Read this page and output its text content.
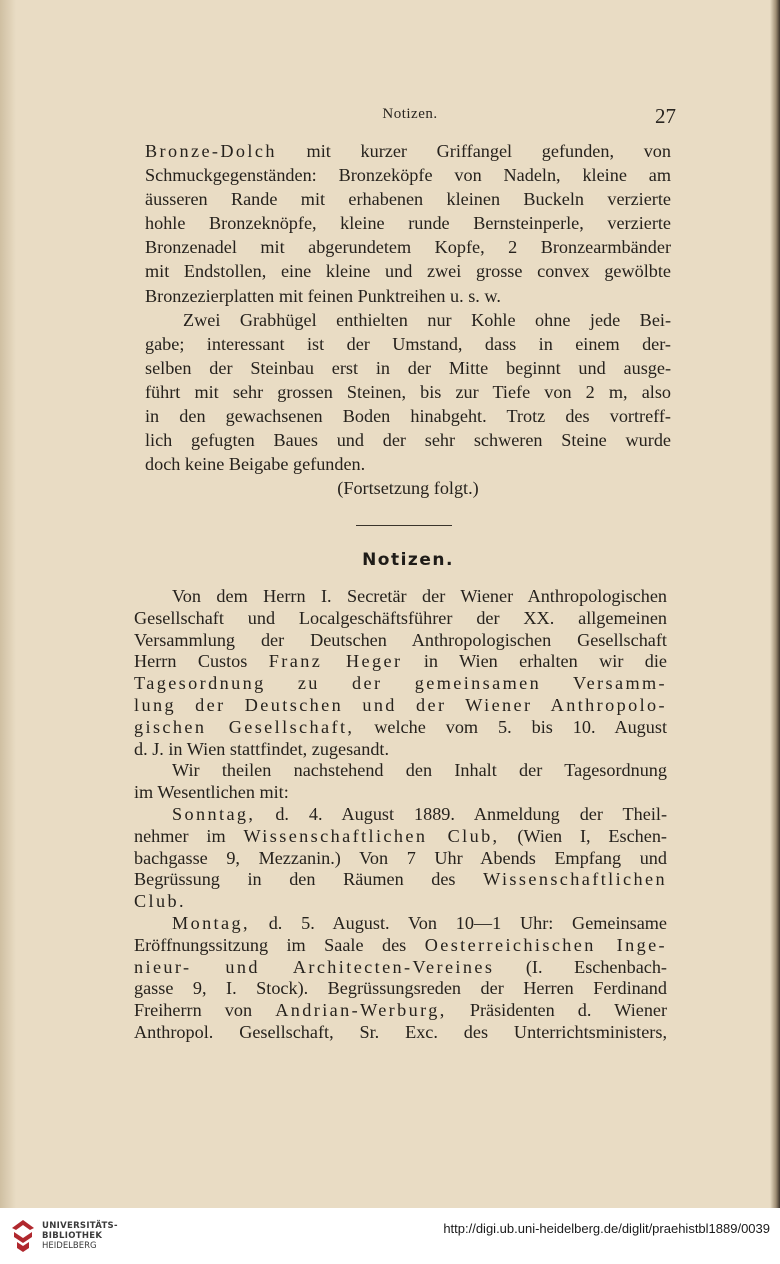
Notizen.	27
Bronze-Dolch mit kurzer Griffangel gefunden, von
Schmuckgegenständen: Bronzeköpfe von Nadeln, kleine am
äusseren Rande mit erhabenen kleinen Buckeln verzierte
hohle Bronzeknöpfe, kleine runde Bernsteinperle, verzierte
Bronzenadel mit abgerundetem Kopfe, 2 Bronzearmbänder
mit Endstollen, eine kleine und zwei grosse convex gewölbte
Bronzezierplatten mit feinen Punktreihen u. s. w.
Zwei Grabhügel enthielten nur Kohle ohne jede Bei-
gabe; interessant ist der Umstand, dass in einem der-
selben der Steinbau erst in der Mitte beginnt und ausge-
führt mit sehr grossen Steinen, bis zur Tiefe von 2 m, also
in den gewachsenen Boden hinabgeht. Trotz des vortreff-
lich gefugten Baues und der sehr schweren Steine wurde
doch keine Beigabe gefunden.
(Fortsetzung folgt.)
Notizen.
Von dem Herrn I. Secretär der Wiener Anthropologischen
Gesellschaft und Localgeschäftsführer der XX. allgemeinen
Versammlung der Deutschen Anthropologischen Gesellschaft
Herrn Custos Franz Heger in Wien erhalten wir die
Tagesordnung zu der gemeinsamen Versamm-
lung der Deutschen und der Wiener Anthropolo-
gischen Gesellschaft, welche vom 5. bis 10. August
d. J. in Wien stattfindet, zugesandt.
Wir theilen nachstehend den Inhalt der Tagesordnung
im Wesentlichen mit:
Sonntag, d. 4. August 1889. Anmeldung der Theil-
nehmer im Wissenschaftlichen Club, (Wien I, Eschen-
bachgasse 9, Mezzanin.) Von 7 Uhr Abends Empfang und
Begrüssung in den Räumen des Wissenschaftlichen
Club.
Montag, d. 5. August. Von 10—1 Uhr: Gemeinsame
Eröffnungssitzung im Saale des Oesterreichischen Inge-
nieur- und Architecten-Vereines (I. Eschenbach-
gasse 9, I. Stock). Begrüssungsreden der Herren Ferdinand
Freiherrn von Andrian-Werburg, Präsidenten d. Wiener
Anthropol. Gesellschaft, Sr. Exc. des Unterrichtsministers,
UNIVERSITÄTS-
BIBLIOTHEK
HEIDELBERG
http://digi.ub.uni-heidelberg.de/diglit/praehistbl1889/0039
